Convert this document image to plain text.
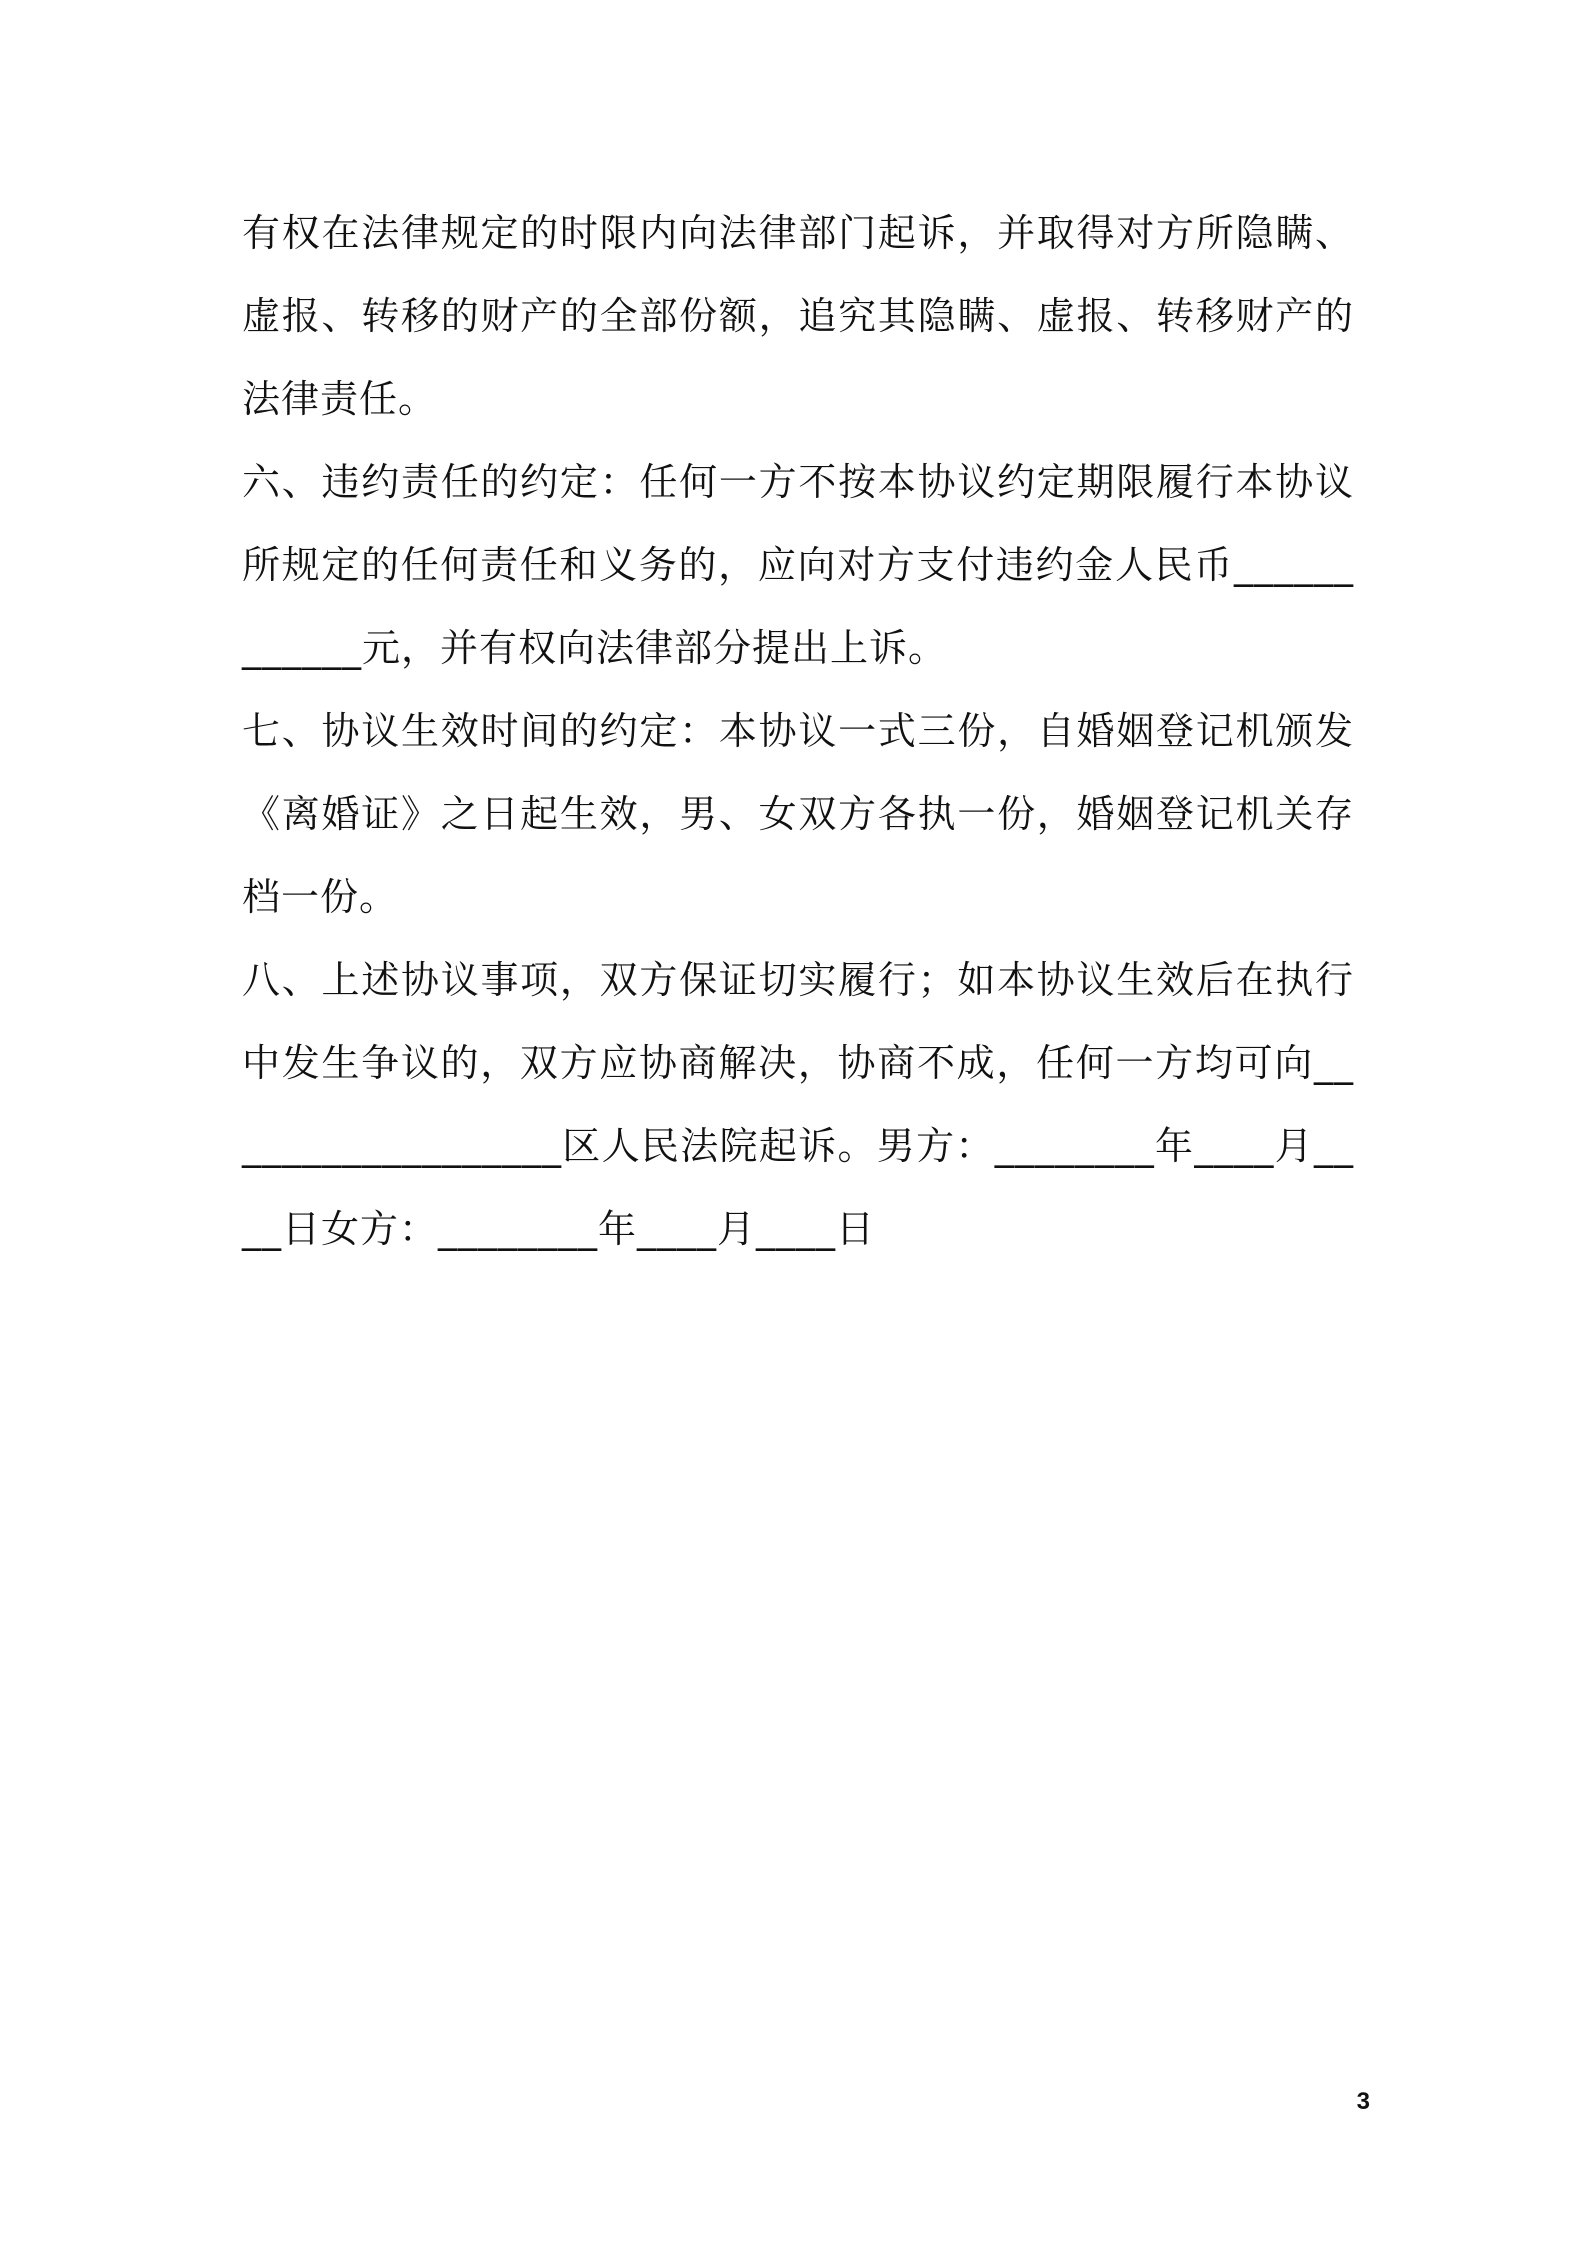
有权在法律规定的时限内向法律部门起诉，并取得对方所隐瞒、虚报、转移的财产的全部份额，追究其隐瞒、虚报、转移财产的法律责任。

六、违约责任的约定：任何一方不按本协议约定期限履行本协议所规定的任何责任和义务的，应向对方支付违约金人民币____________元，并有权向法律部分提出上诉。

七、协议生效时间的约定：本协议一式三份，自婚姻登记机颁发《离婚证》之日起生效，男、女双方各执一份，婚姻登记机关存档一份。

八、上述协议事项，双方保证切实履行；如本协议生效后在执行中发生争议的，双方应协商解决，协商不成，任何一方均可向__________________区人民法院起诉。男方：________年____月____日女方：________年____月____日

3
